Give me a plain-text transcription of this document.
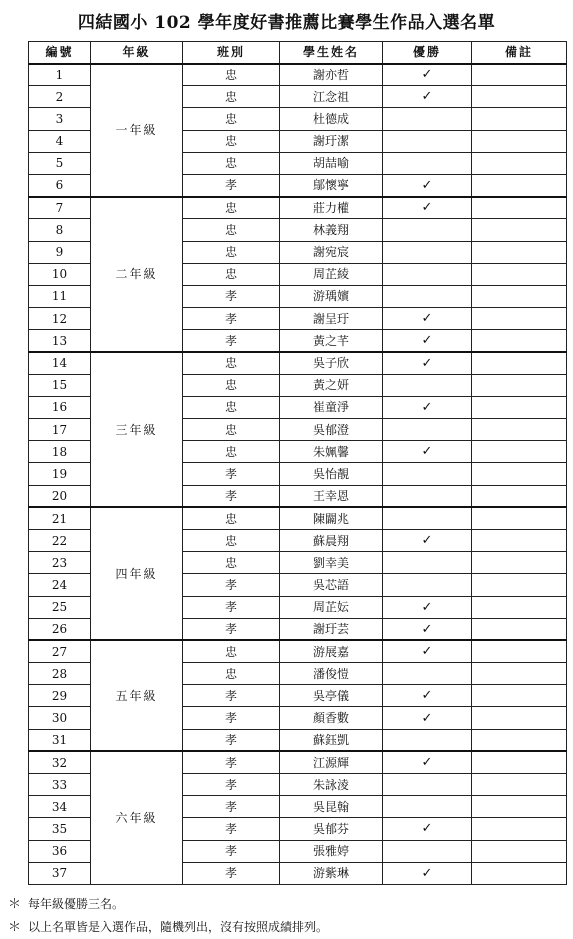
四結國小 102 學年度好書推薦比賽學生作品入選名單
編號	年級	班別	學生姓名	優勝	備註
1	一年級	忠	謝亦哲	✓	
2		忠	江念祖	✓	
3		忠	杜德成		
4		忠	謝玗潔		
5		忠	胡喆喻		
6		孝	鄔懷寧	✓	
7	二年級	忠	莊力權	✓	
8		忠	林義翔		
9		忠	謝宛宸		
10		忠	周芷綾		
11		孝	游瑀嬪		
12		孝	謝呈玗	✓	
13		孝	黃之芊	✓	
14	三年級	忠	吳子欣	✓	
15		忠	黃之妍		
16		忠	崔童淨	✓	
17		忠	吳郁澄		
18		忠	朱姵馨	✓	
19		孝	吳怡靚		
20		孝	王幸恩		
21	四年級	忠	陳闢兆		
22		忠	蘇晨翔	✓	
23		忠	劉幸美		
24		孝	吳芯語		
25		孝	周芷妘	✓	
26		孝	謝玗芸	✓	
27	五年級	忠	游展嘉	✓	
28		忠	潘俊愷		
29		孝	吳亭儀	✓	
30		孝	顏香數	✓	
31		孝	蘇鈺凱		
32	六年級	孝	江源輝	✓	
33		孝	朱詠淩		
34		孝	吳昆翰		
35		孝	吳郁芬	✓	
36		孝	張雅婷		
37		孝	游紫琳	✓	
＊ 每年級優勝三名。
＊ 以上名單皆是入選作品，隨機列出，沒有按照成績排列。
